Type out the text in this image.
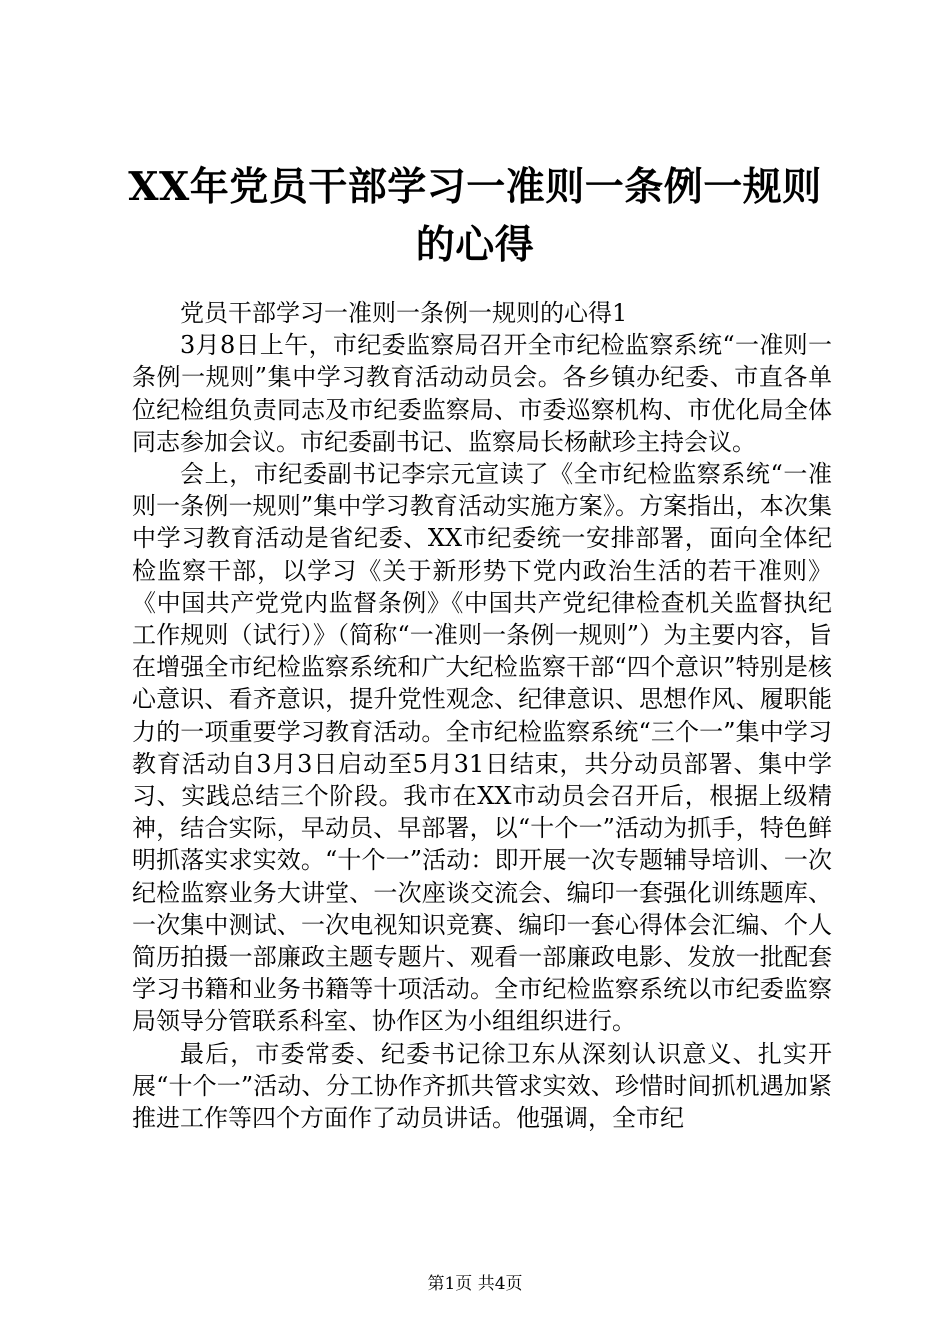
XX年党员干部学习一准则一条例一规则的心得

党员干部学习一准则一条例一规则的心得1

3月8日上午，市纪委监察局召开全市纪检监察系统“一准则一条例一规则”集中学习教育活动动员会。各乡镇办纪委、市直各单位纪检组负责同志及市纪委监察局、市委巡察机构、市优化局全体同志参加会议。市纪委副书记、监察局长杨献珍主持会议。

会上，市纪委副书记李宗元宣读了《全市纪检监察系统“一准则一条例一规则”集中学习教育活动实施方案》。方案指出，本次集中学习教育活动是省纪委、XX市纪委统一安排部署，面向全体纪检监察干部，以学习《关于新形势下党内政治生活的若干准则》《中国共产党党内监督条例》《中国共产党纪律检查机关监督执纪工作规则（试行）》（简称“一准则一条例一规则”）为主要内容，旨在增强全市纪检监察系统和广大纪检监察干部“四个意识”特别是核心意识、看齐意识，提升党性观念、纪律意识、思想作风、履职能力的一项重要学习教育活动。全市纪检监察系统“三个一”集中学习教育活动自3月3日启动至5月31日结束，共分动员部署、集中学习、实践总结三个阶段。我市在XX市动员会召开后，根据上级精神，结合实际，早动员、早部署，以“十个一”活动为抓手，特色鲜明抓落实求实效。“十个一”活动：即开展一次专题辅导培训、一次纪检监察业务大讲堂、一次座谈交流会、编印一套强化训练题库、一次集中测试、一次电视知识竞赛、编印一套心得体会汇编、个人简历拍摄一部廉政主题专题片、观看一部廉政电影、发放一批配套学习书籍和业务书籍等十项活动。全市纪检监察系统以市纪委监察局领导分管联系科室、协作区为小组组织进行。

最后，市委常委、纪委书记徐卫东从深刻认识意义、扎实开展“十个一”活动、分工协作齐抓共管求实效、珍惜时间抓机遇加紧推进工作等四个方面作了动员讲话。他强调，全市纪

第1页 共4页
